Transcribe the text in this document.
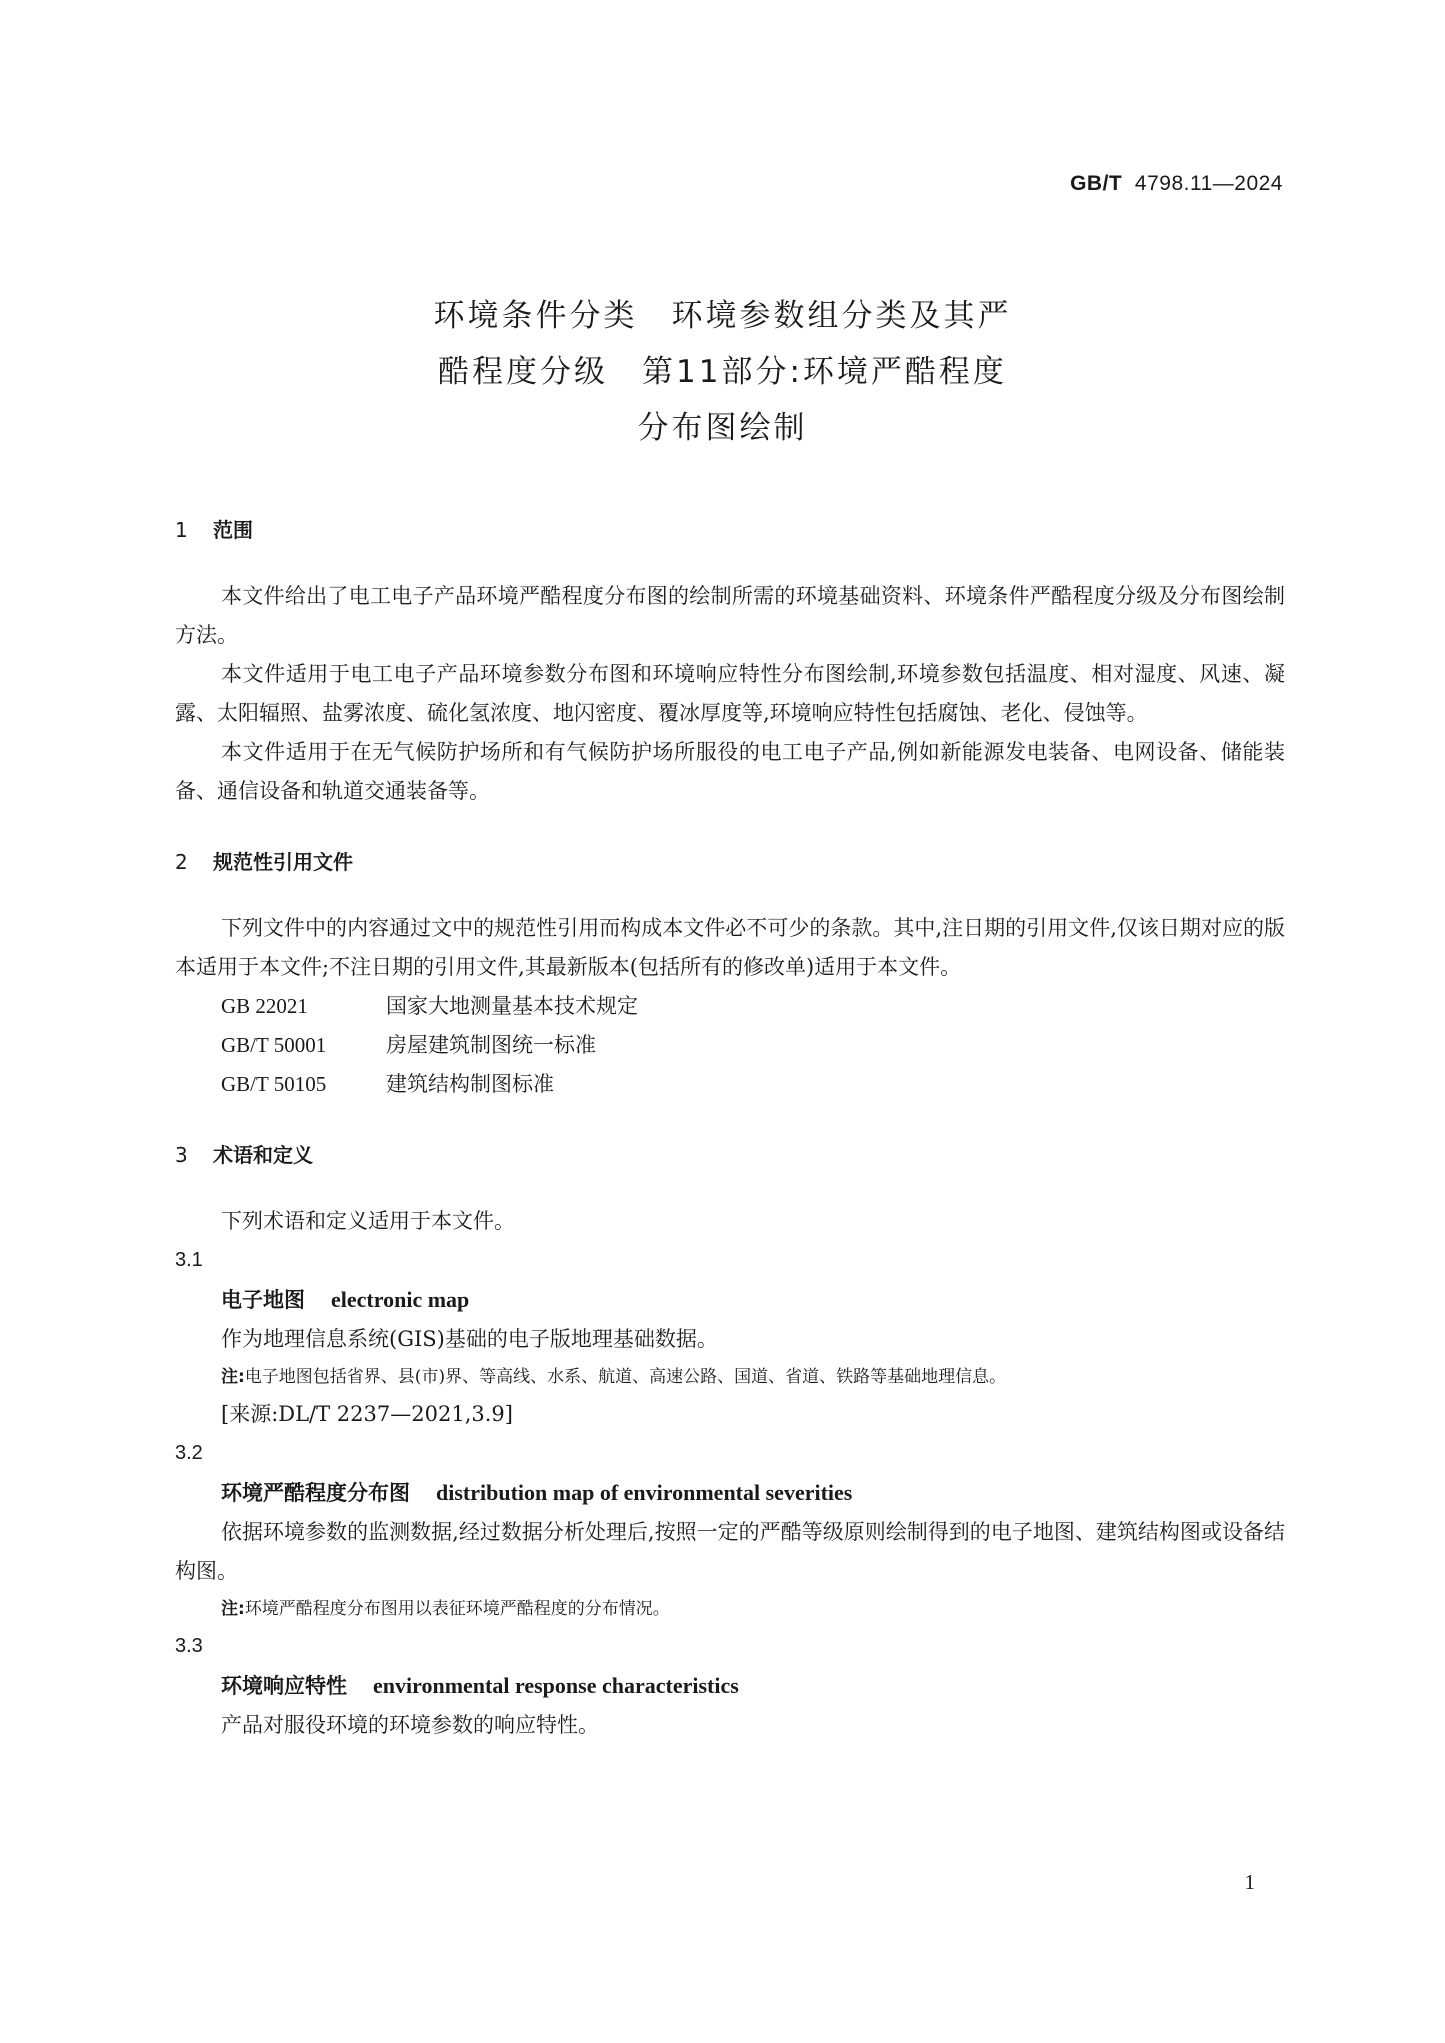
GB/T 4798.11—2024
环境条件分类　环境参数组分类及其严
酷程度分级　第11部分:环境严酷程度
分布图绘制
1 范围

本文件给出了电工电子产品环境严酷程度分布图的绘制所需的环境基础资料、环境条件严酷程度分级及分布图绘制方法。

本文件适用于电工电子产品环境参数分布图和环境响应特性分布图绘制,环境参数包括温度、相对湿度、风速、凝露、太阳辐照、盐雾浓度、硫化氢浓度、地闪密度、覆冰厚度等,环境响应特性包括腐蚀、老化、侵蚀等。

本文件适用于在无气候防护场所和有气候防护场所服役的电工电子产品,例如新能源发电装备、电网设备、储能装备、通信设备和轨道交通装备等。

2 规范性引用文件

下列文件中的内容通过文中的规范性引用而构成本文件必不可少的条款。其中,注日期的引用文件,仅该日期对应的版本适用于本文件;不注日期的引用文件,其最新版本(包括所有的修改单)适用于本文件。

GB 22021	国家大地测量基本技术规定
GB/T 50001	房屋建筑制图统一标准
GB/T 50105	建筑结构制图标准
3 术语和定义

下列术语和定义适用于本文件。

3.1
电子地图 electronic map

作为地理信息系统(GIS)基础的电子版地理基础数据。

注:电子地图包括省界、县(市)界、等高线、水系、航道、高速公路、国道、省道、铁路等基础地理信息。
[来源:DL/T 2237—2021,3.9]
3.2
环境严酷程度分布图 distribution map of environmental severities

依据环境参数的监测数据,经过数据分析处理后,按照一定的严酷等级原则绘制得到的电子地图、建筑结构图或设备结构图。

注:环境严酷程度分布图用以表征环境严酷程度的分布情况。
3.3
环境响应特性 environmental response characteristics

产品对服役环境的环境参数的响应特性。

1
